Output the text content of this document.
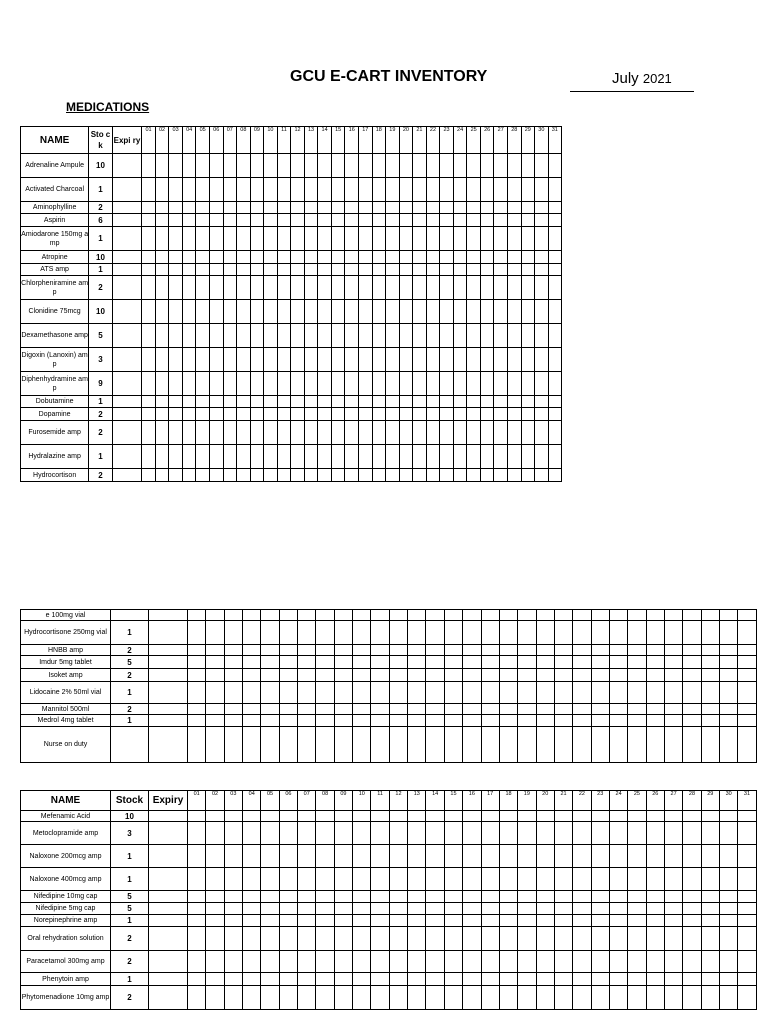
GCU E-CART INVENTORY	July 2021
MEDICATIONS
NAME	Sto ck	Expi ry	01	02	03	04	05	06	07	08	09	10	11	12	13	14	15	16	17	18	19	20	21	22	23	24	25	26	27	28	29	30	31
Adrenaline Ampule	10																																
Activated Charcoal	1																																
Aminophylline	2																																
Aspirin	6																																
Amiodarone 150mg amp	1																																
Atropine	10																																
ATS amp	1																																
Chlorpheniramine amp	2																																
Clonidine 75mcg	10																																
Dexamethasone amp	5																																
Digoxin (Lanoxin) amp	3																																
Diphenhydramine amp	9																																
Dobutamine	1																																
Dopamine	2																																
Furosemide amp	2																																
Hydralazine amp	1																																
Hydrocortison	2																																
e 100mg vial																																	
Hydrocortisone 250mg vial	1																																
HNBB amp	2																																
Imdur 5mg tablet	5																																
Isoket amp	2																																
Lidocaine 2% 50ml vial	1																																
Mannitol 500ml	2																																
Medrol 4mg tablet	1																																
Nurse on duty																																	
NAME	Stock	Expiry	01	02	03	04	05	06	07	08	09	10	11	12	13	14	15	16	17	18	19	20	21	22	23	24	25	26	27	28	29	30	31
Mefenamic Acid	10																																
Metoclopramide amp	3																																
Naloxone 200mcg amp	1																																
Naloxone 400mcg amp	1																																
Nifedipine 10mg cap	5																																
Nifedipine 5mg cap	5																																
Norepinephrine amp	1																																
Oral rehydration solution	2																																
Paracetamol 300mg amp	2																																
Phenytoin amp	1																																
Phytomenadione 10mg amp	2																																
